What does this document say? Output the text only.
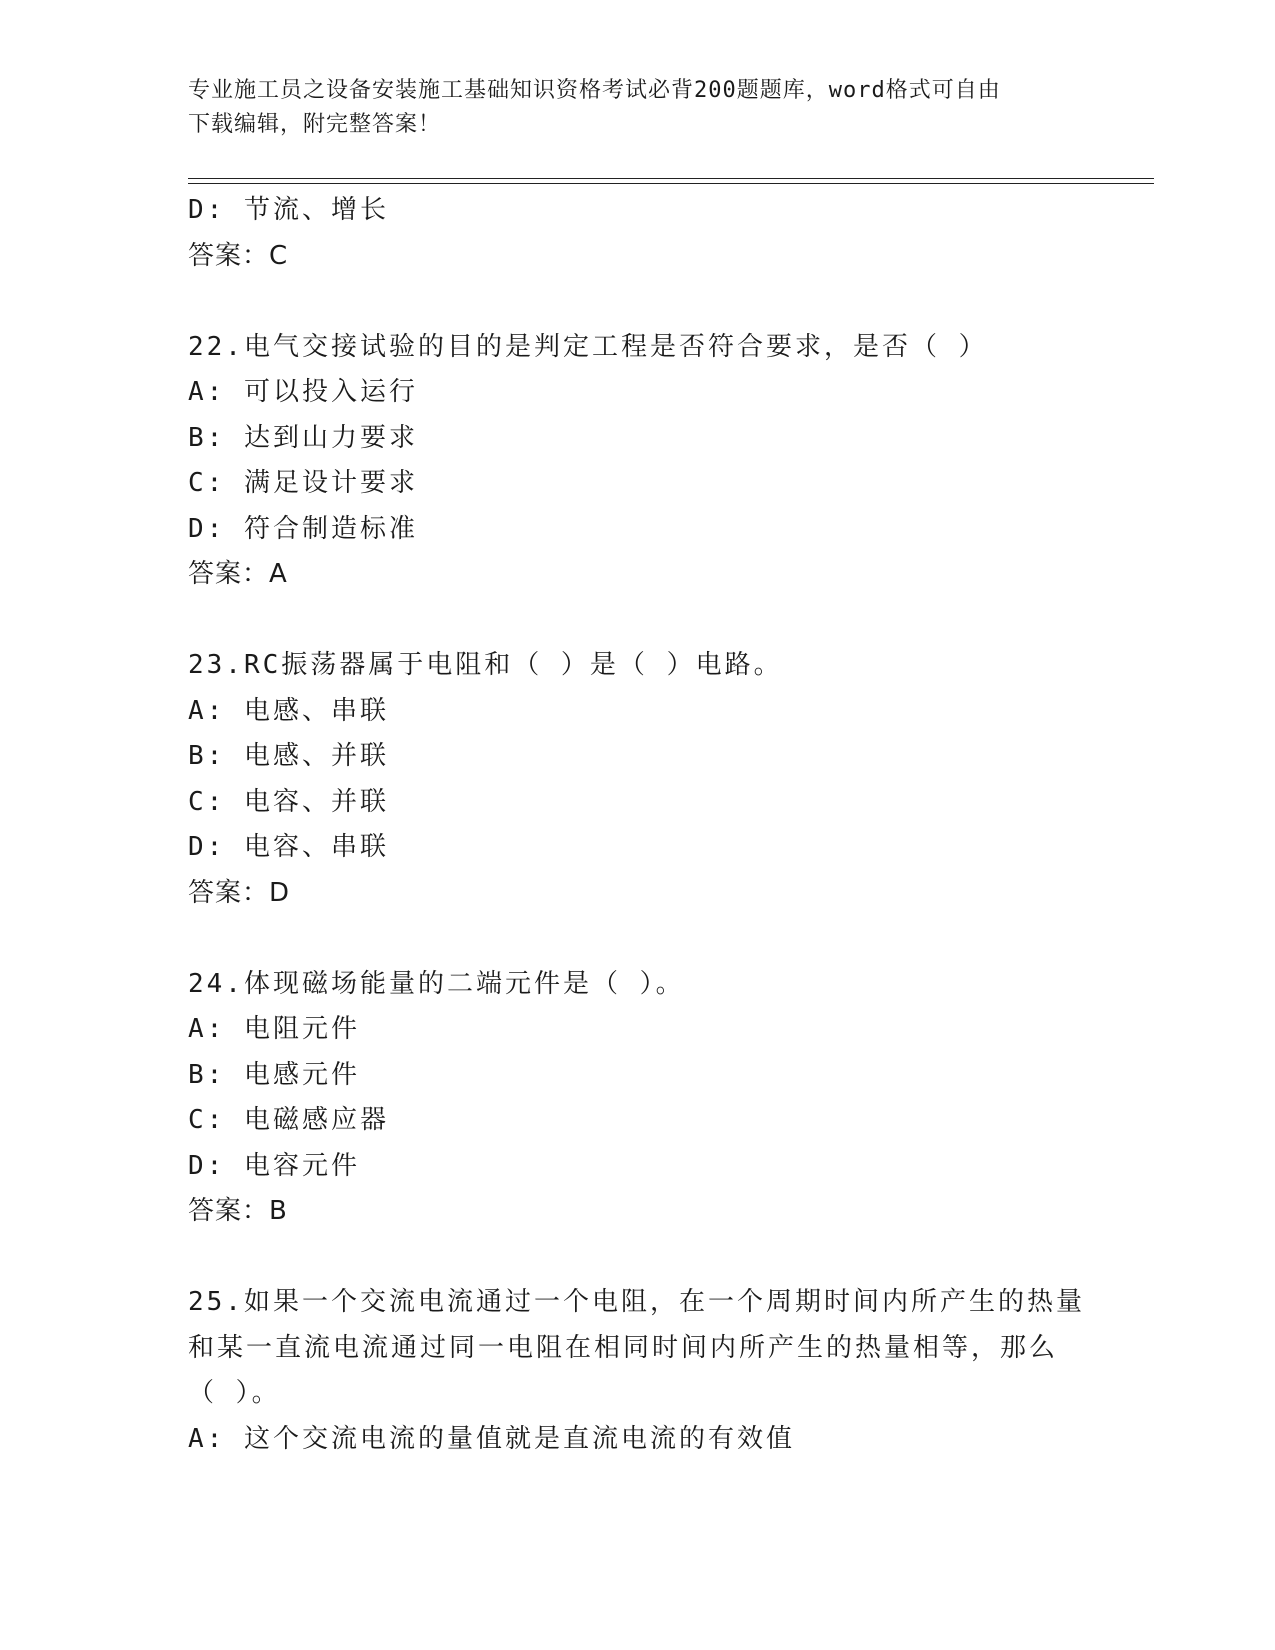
专业施工员之设备安装施工基础知识资格考试必背200题题库，word格式可自由
下载编辑，附完整答案！
D: 节流、增长
答案：C
22.电气交接试验的目的是判定工程是否符合要求，是否（ ）
A: 可以投入运行
B: 达到山力要求
C: 满足设计要求
D: 符合制造标准
答案：A
23.RC振荡器属于电阻和（ ）是（ ）电路。
A: 电感、串联
B: 电感、并联
C: 电容、并联
D: 电容、串联
答案：D
24.体现磁场能量的二端元件是（ ）。
A: 电阻元件
B: 电感元件
C: 电磁感应器
D: 电容元件
答案：B
25.如果一个交流电流通过一个电阻，在一个周期时间内所产生的热量
和某一直流电流通过同一电阻在相同时间内所产生的热量相等，那么
（ ）。
A: 这个交流电流的量值就是直流电流的有效值
